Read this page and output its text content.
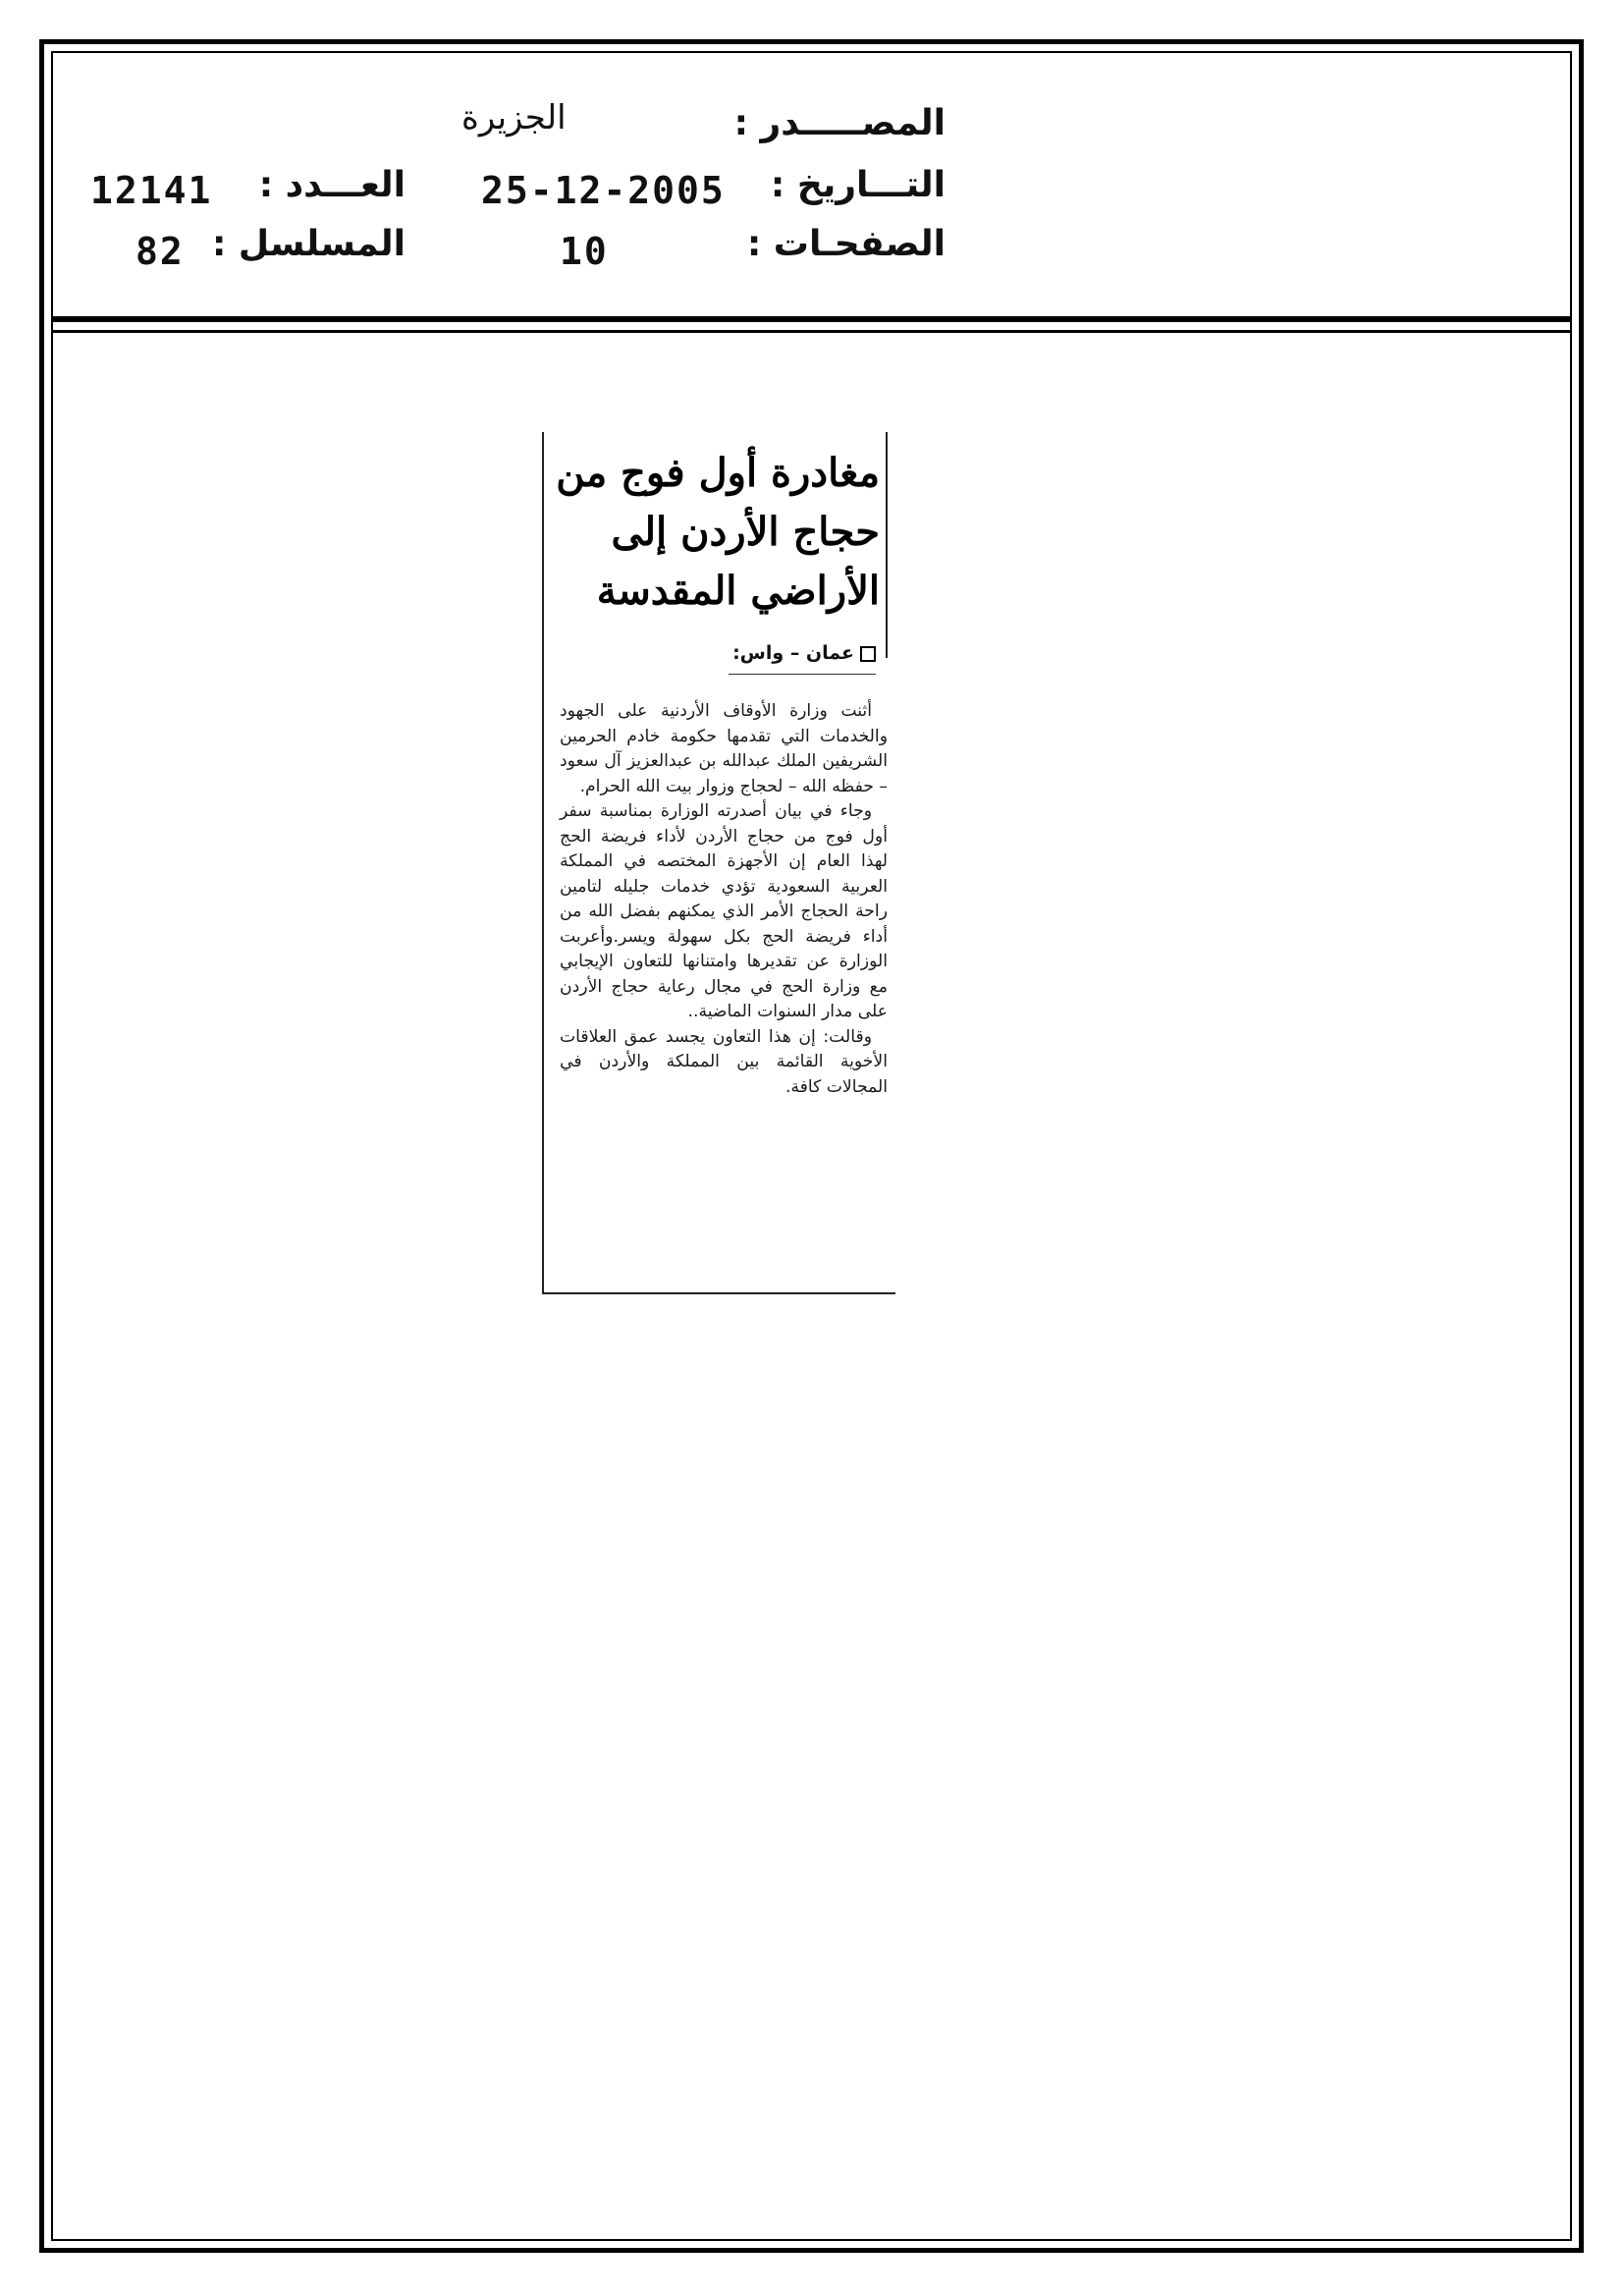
المصـــــدر :
الجزيرة
التـــاريخ :
25-12-2005
العـــدد :
12141
الصفحـات :
10
المسلسل :
82
مغادرة أول فوج من حجاج الأردن إلى الأراضي المقدسة
عمان – واس:

أثنت وزارة الأوقاف الأردنية على الجهود والخدمات التي تقدمها حكومة خادم الحرمين الشريفين الملك عبدالله بن عبدالعزيز آل سعود – حفظه الله – لحجاج وزوار بيت الله الحرام.

وجاء في بيان أصدرته الوزارة بمناسبة سفر أول فوج من حجاج الأردن لأداء فريضة الحج لهذا العام إن الأجهزة المختصه في المملكة العربية السعودية تؤدي خدمات جليله لتامين راحة الحجاج الأمر الذي يمكنهم بفضل الله من أداء فريضة الحج بكل سهولة ويسر.وأعربت الوزارة عن تقديرها وامتنانها للتعاون الإيجابي مع وزارة الحج في مجال رعاية حجاج الأردن على مدار السنوات الماضية..

وقالت: إن هذا التعاون يجسد عمق العلاقات الأخوية القائمة بين المملكة والأردن في المجالات كافة.
